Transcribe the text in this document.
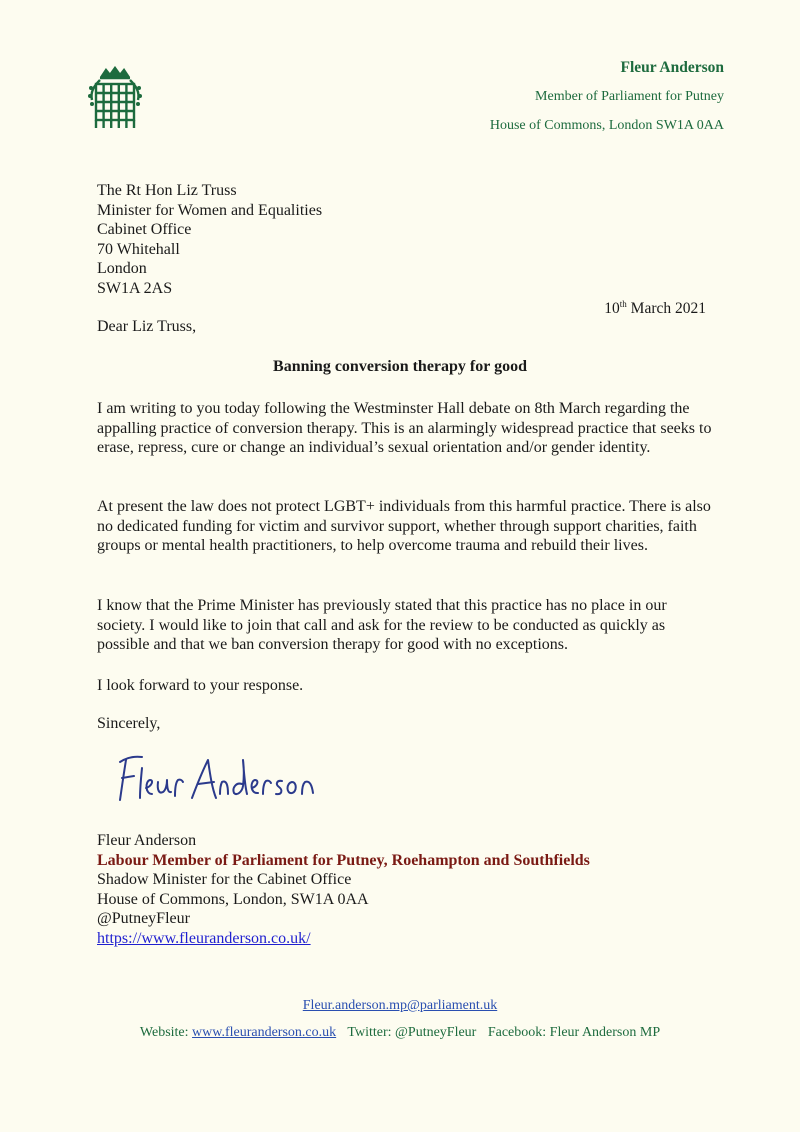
Fleur Anderson
Member of Parliament for Putney
House of Commons, London SW1A 0AA
The Rt Hon Liz Truss
Minister for Women and Equalities
Cabinet Office
70 Whitehall
London
SW1A 2AS
10th March 2021
Dear Liz Truss,
Banning conversion therapy for good
I am writing to you today following the Westminster Hall debate on 8th March regarding the appalling practice of conversion therapy. This is an alarmingly widespread practice that seeks to erase, repress, cure or change an individual’s sexual orientation and/or gender identity.
At present the law does not protect LGBT+ individuals from this harmful practice. There is also no dedicated funding for victim and survivor support, whether through support charities, faith groups or mental health practitioners, to help overcome trauma and rebuild their lives.
I know that the Prime Minister has previously stated that this practice has no place in our society. I would like to join that call and ask for the review to be conducted as quickly as possible and that we ban conversion therapy for good with no exceptions.
I look forward to your response.
Sincerely,
Fleur Anderson
Labour Member of Parliament for Putney, Roehampton and Southfields
Shadow Minister for the Cabinet Office
House of Commons, London, SW1A 0AA
@PutneyFleur
https://www.fleuranderson.co.uk/
Fleur.anderson.mp@parliament.uk
Website: www.fleuranderson.co.uk Twitter: @PutneyFleur Facebook: Fleur Anderson MP
